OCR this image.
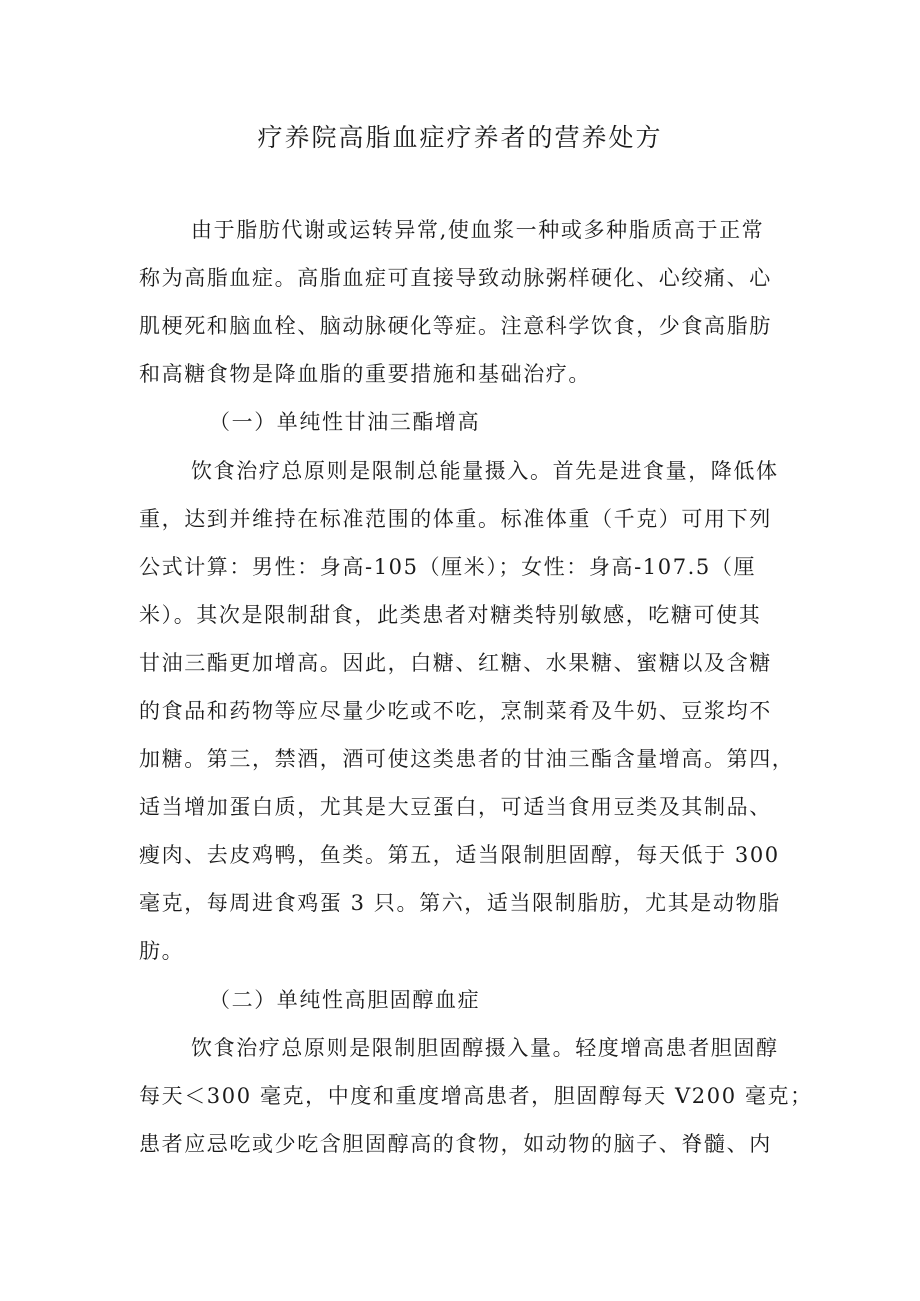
疗养院高脂血症疗养者的营养处方
由于脂肪代谢或运转异常,使血浆一种或多种脂质高于正常
称为高脂血症。高脂血症可直接导致动脉粥样硬化、心绞痛、心
肌梗死和脑血栓、脑动脉硬化等症。注意科学饮食，少食高脂肪
和高糖食物是降血脂的重要措施和基础治疗。
（一）单纯性甘油三酯增高
饮食治疗总原则是限制总能量摄入。首先是进食量，降低体
重，达到并维持在标准范围的体重。标准体重（千克）可用下列
公式计算：男性：身高-105（厘米）；女性：身高-107.5（厘
米）。其次是限制甜食，此类患者对糖类特别敏感，吃糖可使其
甘油三酯更加增高。因此，白糖、红糖、水果糖、蜜糖以及含糖
的食品和药物等应尽量少吃或不吃，烹制菜肴及牛奶、豆浆均不
加糖。第三，禁酒，酒可使这类患者的甘油三酯含量增高。第四，
适当增加蛋白质，尤其是大豆蛋白，可适当食用豆类及其制品、
瘦肉、去皮鸡鸭，鱼类。第五，适当限制胆固醇，每天低于 300
毫克，每周进食鸡蛋 3 只。第六，适当限制脂肪，尤其是动物脂
肪。
（二）单纯性高胆固醇血症
饮食治疗总原则是限制胆固醇摄入量。轻度增高患者胆固醇
每天＜300 毫克，中度和重度增高患者，胆固醇每天 V200 毫克；
患者应忌吃或少吃含胆固醇高的食物，如动物的脑子、脊髓、内
